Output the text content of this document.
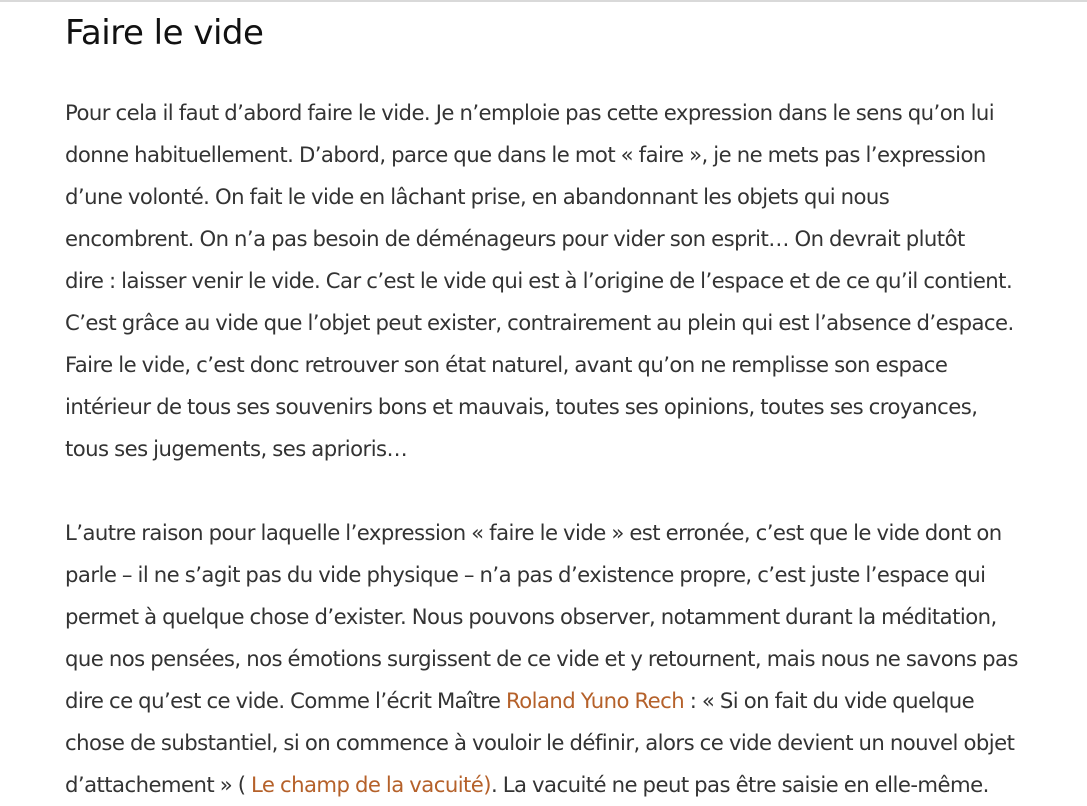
Faire le vide

Pour cela il faut d’abord faire le vide. Je n’emploie pas cette expression dans le sens qu’on lui
donne habituellement. D’abord, parce que dans le mot « faire », je ne mets pas l’expression
d’une volonté. On fait le vide en lâchant prise, en abandonnant les objets qui nous
encombrent. On n’a pas besoin de déménageurs pour vider son esprit… On devrait plutôt
dire : laisser venir le vide. Car c’est le vide qui est à l’origine de l’espace et de ce qu’il contient.
C’est grâce au vide que l’objet peut exister, contrairement au plein qui est l’absence d’espace.
Faire le vide, c’est donc retrouver son état naturel, avant qu’on ne remplisse son espace
intérieur de tous ses souvenirs bons et mauvais, toutes ses opinions, toutes ses croyances,
tous ses jugements, ses aprioris…

L’autre raison pour laquelle l’expression « faire le vide » est erronée, c’est que le vide dont on
parle – il ne s’agit pas du vide physique – n’a pas d’existence propre, c’est juste l’espace qui
permet à quelque chose d’exister. Nous pouvons observer, notamment durant la méditation,
que nos pensées, nos émotions surgissent de ce vide et y retournent, mais nous ne savons pas
dire ce qu’est ce vide. Comme l’écrit Maître Roland Yuno Rech : « Si on fait du vide quelque
chose de substantiel, si on commence à vouloir le définir, alors ce vide devient un nouvel objet
d’attachement » ( Le champ de la vacuité). La vacuité ne peut pas être saisie en elle-même.
